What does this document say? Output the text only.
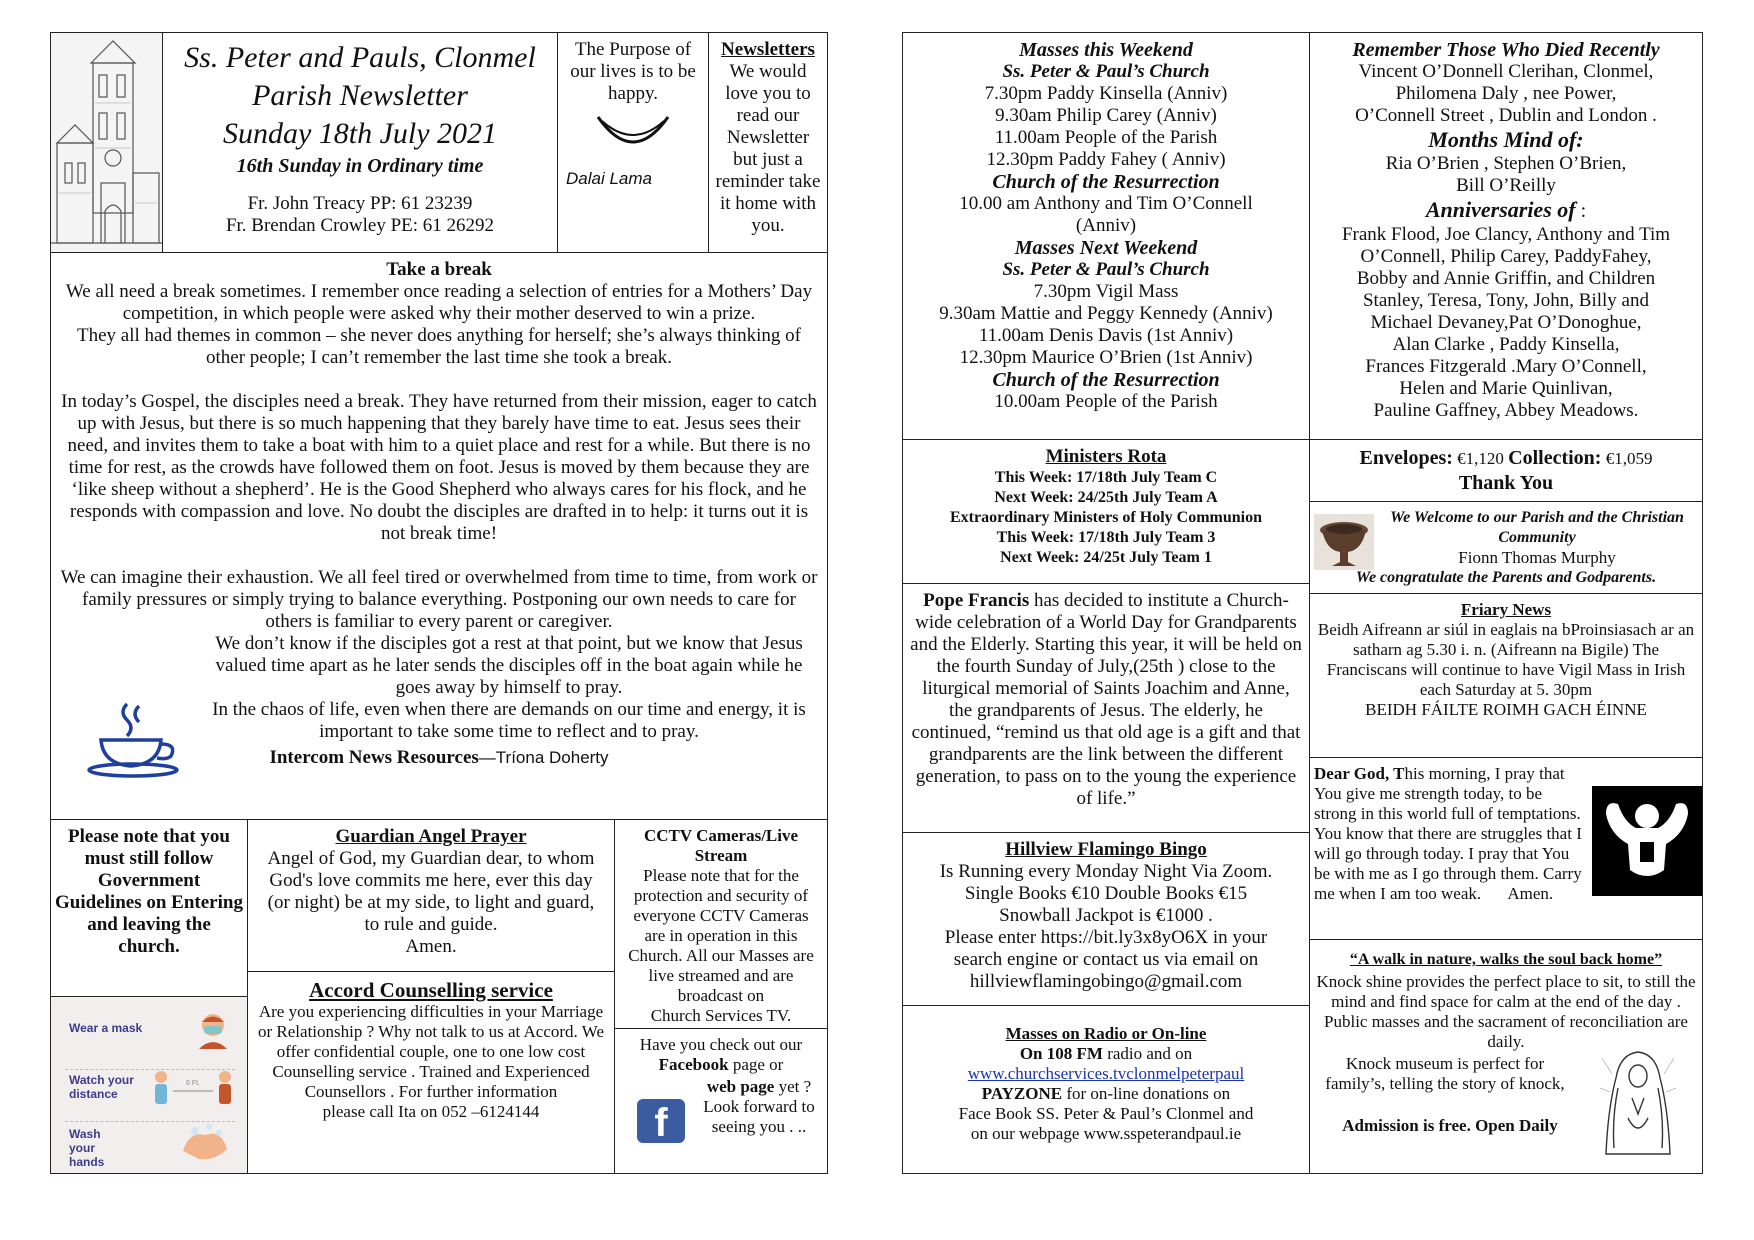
Ss. Peter and Pauls, Clonmel
Parish Newsletter
Sunday 18th July 2021
16th Sunday in Ordinary time
Fr. John Treacy PP: 61 23239
Fr. Brendan Crowley PE: 61 26292
The Purpose of our lives is to be happy.
Dalai Lama
Newsletters
We would love you to read our Newsletter but just a reminder take it home with you.
Take a break

We all need a break sometimes. I remember once reading a selection of entries for a Mothers’ Day competition, in which people were asked why their mother deserved to win a prize.

They all had themes in common – she never does anything for herself; she’s always thinking of other people; I can’t remember the last time she took a break.

In today’s Gospel, the disciples need a break. They have returned from their mission, eager to catch up with Jesus, but there is so much happening that they barely have time to eat. Jesus sees their need, and invites them to take a boat with him to a quiet place and rest for a while. But there is no time for rest, as the crowds have followed them on foot. Jesus is moved by them because they are ‘like sheep without a shepherd’. He is the Good Shepherd who always cares for his flock, and he responds with compassion and love. No doubt the disciples are drafted in to help: it turns out it is not break time!

We can imagine their exhaustion. We all feel tired or overwhelmed from time to time, from work or family pressures or simply trying to balance everything. Postponing our own needs to care for others is familiar to every parent or caregiver.

We don’t know if the disciples got a rest at that point, but we know that Jesus valued time apart as he later sends the disciples off in the boat again while he goes away by himself to pray.

In the chaos of life, even when there are demands on our time and energy, it is important to take some time to reflect and to pray.

Intercom News Resources—Tríona Doherty

Please note that you must still follow Government Guidelines on Entering and leaving the church.
Wear a mask
Watch your distance
6 Ft.
Wash your hands
Guardian Angel Prayer
Angel of God, my Guardian dear, to whom God's love commits me here, ever this day (or night) be at my side, to light and guard, to rule and guide.
Amen.
Accord Counselling service
Are you experiencing difficulties in your Marriage or Relationship ? Why not talk to us at Accord. We offer confidential couple, one to one low cost Counselling service . Trained and Experienced Counsellors . For further information
please call Ita on 052 –6124144
CCTV Cameras/Live Stream
Please note that for the protection and security of everyone CCTV Cameras are in operation in this Church. All our Masses are live streamed and are broadcast on
Church Services TV.
Have you check out our
Facebook page or
web page yet ? Look forward to seeing you . ..
f
Masses this Weekend
Ss. Peter & Paul’s Church
7.30pm Paddy Kinsella (Anniv)
9.30am Philip Carey (Anniv)
11.00am People of the Parish
12.30pm Paddy Fahey ( Anniv)
Church of the Resurrection
10.00 am Anthony and Tim O’Connell
(Anniv)
Masses Next Weekend
Ss. Peter & Paul’s Church
7.30pm Vigil Mass
9.30am Mattie and Peggy Kennedy (Anniv)
11.00am Denis Davis (1st Anniv)
12.30pm Maurice O’Brien (1st Anniv)
Church of the Resurrection
10.00am People of the Parish
Remember Those Who Died Recently
Vincent O’Donnell Clerihan, Clonmel,
Philomena Daly , nee Power,
O’Connell Street , Dublin and London .
Months Mind of:
Ria O’Brien , Stephen O’Brien,
Bill O’Reilly
Anniversaries of :
Frank Flood, Joe Clancy, Anthony and Tim
O’Connell, Philip Carey, PaddyFahey,
Bobby and Annie Griffin, and Children
Stanley, Teresa, Tony, John, Billy and
Michael Devaney,Pat O’Donoghue,
Alan Clarke , Paddy Kinsella,
Frances Fitzgerald .Mary O’Connell,
Helen and Marie Quinlivan,
Pauline Gaffney, Abbey Meadows.
Ministers Rota
This Week: 17/18th July Team C
Next Week: 24/25th July Team A
Extraordinary Ministers of Holy Communion
This Week: 17/18th July Team 3
Next Week: 24/25t July Team 1
Envelopes: €1,120 Collection: €1,059
Thank You
We Welcome to our Parish and the Christian Community
Fionn Thomas Murphy
We congratulate the Parents and Godparents.
Pope Francis has decided to institute a Church-wide celebration of a World Day for Grandparents and the Elderly. Starting this year, it will be held on the fourth Sunday of July,(25th ) close to the liturgical memorial of Saints Joachim and Anne, the grandparents of Jesus. The elderly, he continued, “remind us that old age is a gift and that grandparents are the link between the different generation, to pass on to the young the experience of life.”
Friary News
Beidh Aifreann ar siúl in eaglais na bProinsiasach ar an sathar​n ag 5.30 i. n. (Aifreann na Bigile) The Franciscans will continue to have Vigil Mass in Irish each Saturday at 5. 30pm
BEIDH FÁILTE ROIMH GACH ÉINNE
Hillview Flamingo Bingo
Is Running every Monday Night Via Zoom.
Single Books €10 Double Books €15
Snowball Jackpot is €1000 .
Please enter https://bit.ly3x8yO6X in your
search engine or contact us via email on
hillviewflamingobingo@gmail.com
Dear God, This morning, I pray that You give me strength today, to be strong in this world full of temptations. You know that there are struggles that I will go through today. I pray that You be with me as I go through them. Carry me when I am too weak. Amen.
Masses on Radio or On-line
On 108 FM radio and on
www.churchservices.tvclonmelpeterpaul
PAYZONE for on-line donations on
Face Book SS. Peter & Paul’s Clonmel and
on our webpage www.sspeterandpaul.ie
“A walk in nature, walks the soul back home”
Knock shine provides the perfect place to sit, to still the mind and find space for calm at the end of the day . Public masses and the sacrament of reconciliation are daily.
Knock museum is perfect for family’s, telling the story of knock,
Admission is free. Open Daily
